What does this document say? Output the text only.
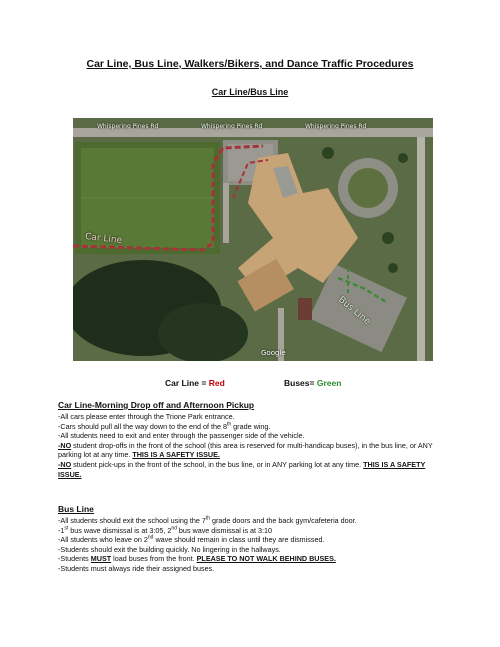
Car Line, Bus Line, Walkers/Bikers, and Dance Traffic Procedures
Car Line/Bus Line
Whispering Pines Rd	Whispering Pines Rd	Whispering Pines Rd
Car Line
Bus Line
Google
Car Line = Red	Buses= Green
Car Line-Morning Drop off and Afternoon Pickup

-All cars please enter through the Trione Park entrance.

-Cars should pull all the way down to the end of the 8th grade wing.

-All students need to exit and enter through the passenger side of the vehicle.

-NO student drop-offs in the front of the school (this area is reserved for multi-handicap buses), in the bus line, or ANY parking lot at any time. THIS IS A SAFETY ISSUE.

-NO student pick-ups in the front of the school, in the bus line, or in ANY parking lot at any time. THIS IS A SAFETY ISSUE.

Bus Line

-All students should exit the school using the 7th grade doors and the back gym/cafeteria door.

-1st bus wave dismissal is at 3:05, 2nd bus wave dismissal is at 3:10

-All students who leave on 2nd wave should remain in class until they are dismissed.

-Students should exit the building quickly. No lingering in the hallways.

-Students MUST load buses from the front. PLEASE TO NOT WALK BEHIND BUSES.

-Students must always ride their assigned buses.
